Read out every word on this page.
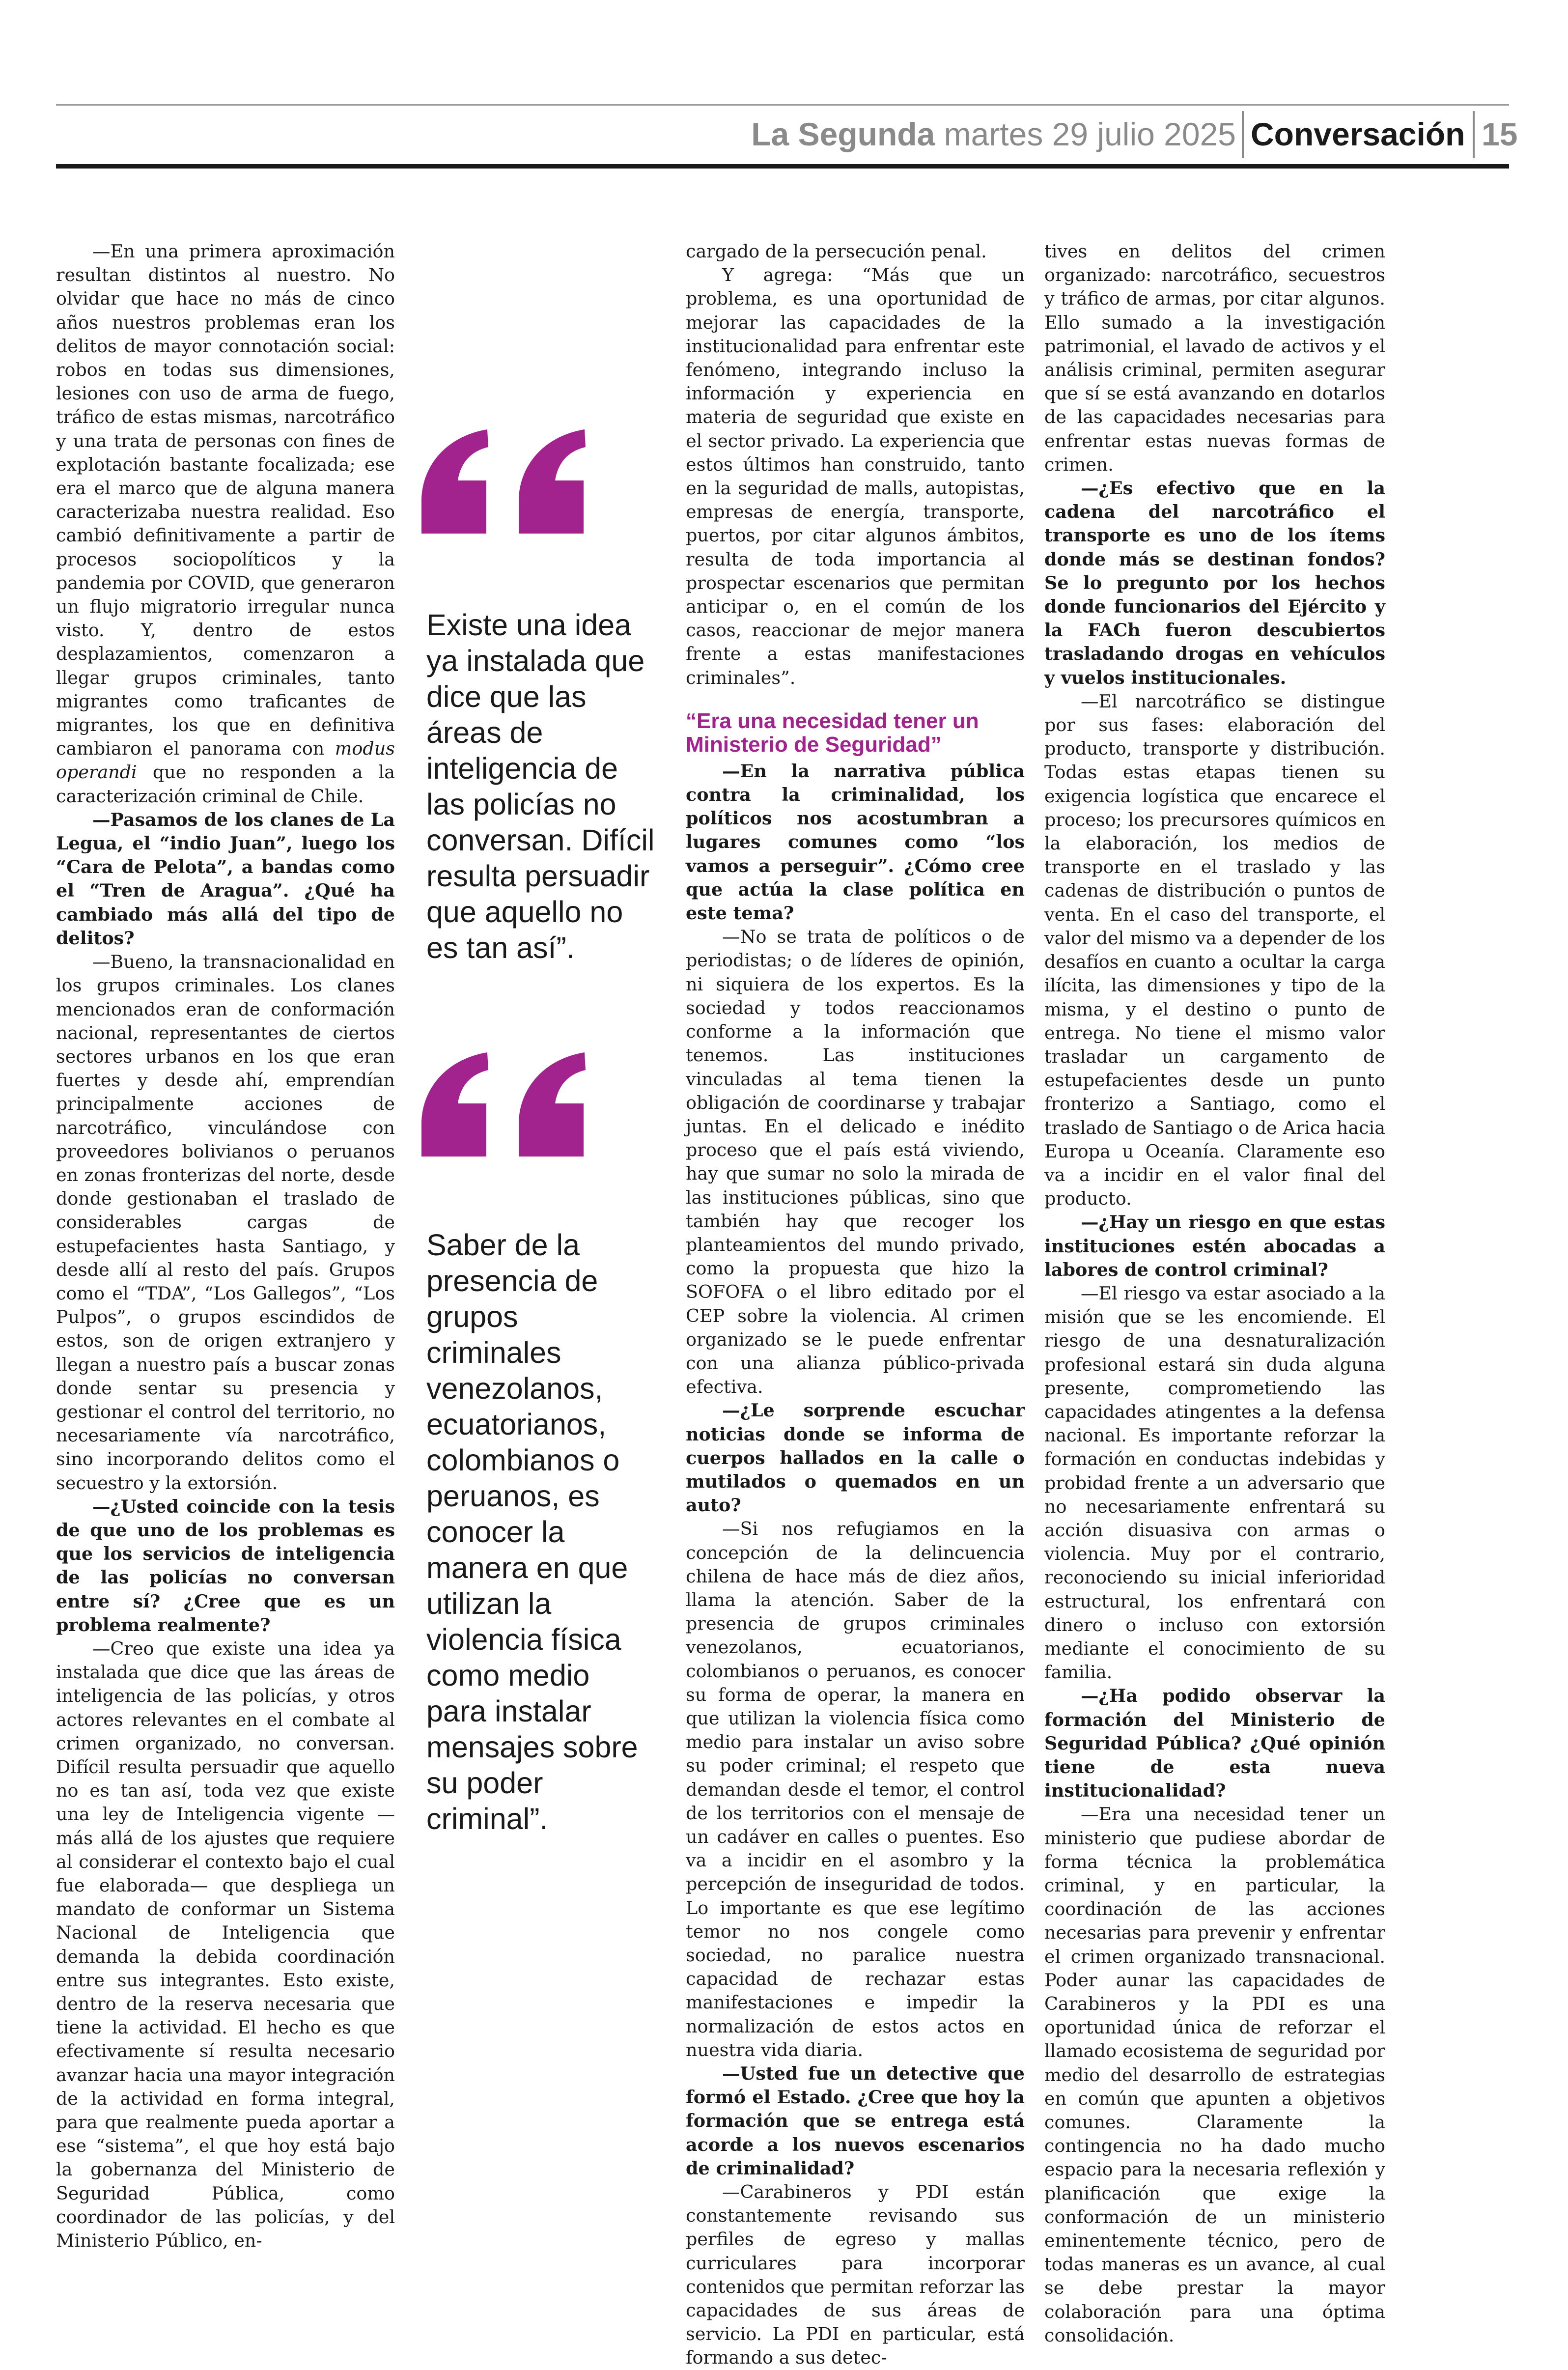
La Segunda
martes 29 julio 2025 Conversación 15

—En una primera aproximación resultan distintos al nuestro. No olvidar que hace no más de cinco años nuestros problemas eran los delitos de mayor connotación social: robos en todas sus dimensiones, lesiones con uso de arma de fuego, tráfico de estas mismas, narcotráfico y una trata de personas con fines de explotación bastante focalizada; ese era el marco que de alguna manera caracterizaba nuestra realidad. Eso cambió definitivamente a partir de procesos sociopolíticos y la pandemia por COVID, que generaron un flujo migratorio irregular nunca visto. Y, dentro de estos desplazamientos, comenzaron a llegar grupos criminales, tanto migrantes como traficantes de migrantes, los que en definitiva cambiaron el panorama con modus operandi que no responden a la caracterización criminal de Chile.

—Pasamos de los clanes de La Legua, el “indio Juan”, luego los “Cara de Pelota”, a bandas como el “Tren de Aragua”. ¿Qué ha cambiado más allá del tipo de delitos?

—Bueno, la transnacionalidad en los grupos criminales. Los clanes mencionados eran de conformación nacional, representantes de ciertos sectores urbanos en los que eran fuertes y desde ahí, emprendían principalmente acciones de narcotráfico, vinculándose con proveedores bolivianos o peruanos en zonas fronterizas del norte, desde donde gestionaban el traslado de considerables cargas de estupefacientes hasta Santiago, y desde allí al resto del país. Grupos como el “TDA”, “Los Gallegos”, “Los Pulpos”, o grupos escindidos de estos, son de origen extranjero y llegan a nuestro país a buscar zonas donde sentar su presencia y gestionar el control del territorio, no necesariamente vía narcotráfico, sino incorporando delitos como el secuestro y la extorsión.

—¿Usted coincide con la tesis de que uno de los problemas es que los servicios de inteligencia de las policías no conversan entre sí? ¿Cree que es un problema realmente?

—Creo que existe una idea ya instalada que dice que las áreas de inteligencia de las policías, y otros actores relevantes en el combate al crimen organizado, no conversan. Difícil resulta persuadir que aquello no es tan así, toda vez que existe una ley de Inteligencia vigente —más allá de los ajustes que requiere al considerar el contexto bajo el cual fue elaborada— que despliega un mandato de conformar un Sistema Nacional de Inteligencia que demanda la debida coordinación entre sus integrantes. Esto existe, dentro de la reserva necesaria que tiene la actividad. El hecho es que efectivamente sí resulta necesario avanzar hacia una mayor integración de la actividad en forma integral, para que realmente pueda aportar a ese “sistema”, el que hoy está bajo la gobernanza del Ministerio de Seguridad Pública, como coordinador de las policías, y del Ministerio Público, en-

Existe una idea ya instalada que dice que las áreas de inteligencia de las policías no conversan. Difícil resulta persuadir que aquello no es tan así”.
Saber de la presencia de grupos criminales venezolanos, ecuatorianos, colombianos o peruanos, es conocer la manera en que utilizan la violencia física como medio para instalar mensajes sobre su poder criminal”.

cargado de la persecución penal.

Y agrega: “Más que un problema, es una oportunidad de mejorar las capacidades de la institucionalidad para enfrentar este fenómeno, integrando incluso la información y experiencia en materia de seguridad que existe en el sector privado. La experiencia que estos últimos han construido, tanto en la seguridad de malls, autopistas, empresas de energía, transporte, puertos, por citar algunos ámbitos, resulta de toda importancia al prospectar escenarios que permitan anticipar o, en el común de los casos, reaccionar de mejor manera frente a estas manifestaciones criminales”.

“Era una necesidad tener un Ministerio de Seguridad”

—En la narrativa pública contra la criminalidad, los políticos nos acostumbran a lugares comunes como “los vamos a perseguir”. ¿Cómo cree que actúa la clase política en este tema?

—No se trata de políticos o de periodistas; o de líderes de opinión, ni siquiera de los expertos. Es la sociedad y todos reaccionamos conforme a la información que tenemos. Las instituciones vinculadas al tema tienen la obligación de coordinarse y trabajar juntas. En el delicado e inédito proceso que el país está viviendo, hay que sumar no solo la mirada de las instituciones públicas, sino que también hay que recoger los planteamientos del mundo privado, como la propuesta que hizo la SOFOFA o el libro editado por el CEP sobre la violencia. Al crimen organizado se le puede enfrentar con una alianza público-privada efectiva.

—¿Le sorprende escuchar noticias donde se informa de cuerpos hallados en la calle o mutilados o quemados en un auto?

—Si nos refugiamos en la concepción de la delincuencia chilena de hace más de diez años, llama la atención. Saber de la presencia de grupos criminales venezolanos, ecuatorianos, colombianos o peruanos, es conocer su forma de operar, la manera en que utilizan la violencia física como medio para instalar un aviso sobre su poder criminal; el respeto que demandan desde el temor, el control de los territorios con el mensaje de un cadáver en calles o puentes. Eso va a incidir en el asombro y la percepción de inseguridad de todos. Lo importante es que ese legítimo temor no nos congele como sociedad, no paralice nuestra capacidad de rechazar estas manifestaciones e impedir la normalización de estos actos en nuestra vida diaria.

—Usted fue un detective que formó el Estado. ¿Cree que hoy la formación que se entrega está acorde a los nuevos escenarios de criminalidad?

—Carabineros y PDI están constantemente revisando sus perfiles de egreso y mallas curriculares para incorporar contenidos que permitan reforzar las capacidades de sus áreas de servicio. La PDI en particular, está formando a sus detec-

tives en delitos del crimen organizado: narcotráfico, secuestros y tráfico de armas, por citar algunos. Ello sumado a la investigación patrimonial, el lavado de activos y el análisis criminal, permiten asegurar que sí se está avanzando en dotarlos de las capacidades necesarias para enfrentar estas nuevas formas de crimen.

—¿Es efectivo que en la cadena del narcotráfico el transporte es uno de los ítems donde más se destinan fondos? Se lo pregunto por los hechos donde funcionarios del Ejército y la FACh fueron descubiertos trasladando drogas en vehículos y vuelos institucionales.

—El narcotráfico se distingue por sus fases: elaboración del producto, transporte y distribución. Todas estas etapas tienen su exigencia logística que encarece el proceso; los precursores químicos en la elaboración, los medios de transporte en el traslado y las cadenas de distribución o puntos de venta. En el caso del transporte, el valor del mismo va a depender de los desafíos en cuanto a ocultar la carga ilícita, las dimensiones y tipo de la misma, y el destino o punto de entrega. No tiene el mismo valor trasladar un cargamento de estupefacientes desde un punto fronterizo a Santiago, como el traslado de Santiago o de Arica hacia Europa u Oceanía. Claramente eso va a incidir en el valor final del producto.

—¿Hay un riesgo en que estas instituciones estén abocadas a labores de control criminal?

—El riesgo va estar asociado a la misión que se les encomiende. El riesgo de una desnaturalización profesional estará sin duda alguna presente, comprometiendo las capacidades atingentes a la defensa nacional. Es importante reforzar la formación en conductas indebidas y probidad frente a un adversario que no necesariamente enfrentará su acción disuasiva con armas o violencia. Muy por el contrario, reconociendo su inicial inferioridad estructural, los enfrentará con dinero o incluso con extorsión mediante el conocimiento de su familia.

—¿Ha podido observar la formación del Ministerio de Seguridad Pública? ¿Qué opinión tiene de esta nueva institucionalidad?

—Era una necesidad tener un ministerio que pudiese abordar de forma técnica la problemática criminal, y en particular, la coordinación de las acciones necesarias para prevenir y enfrentar el crimen organizado transnacional. Poder aunar las capacidades de Carabineros y la PDI es una oportunidad única de reforzar el llamado ecosistema de seguridad por medio del desarrollo de estrategias en común que apunten a objetivos comunes. Claramente la contingencia no ha dado mucho espacio para la necesaria reflexión y planificación que exige la conformación de un ministerio eminentemente técnico, pero de todas maneras es un avance, al cual se debe prestar la mayor colaboración para una óptima consolidación.
